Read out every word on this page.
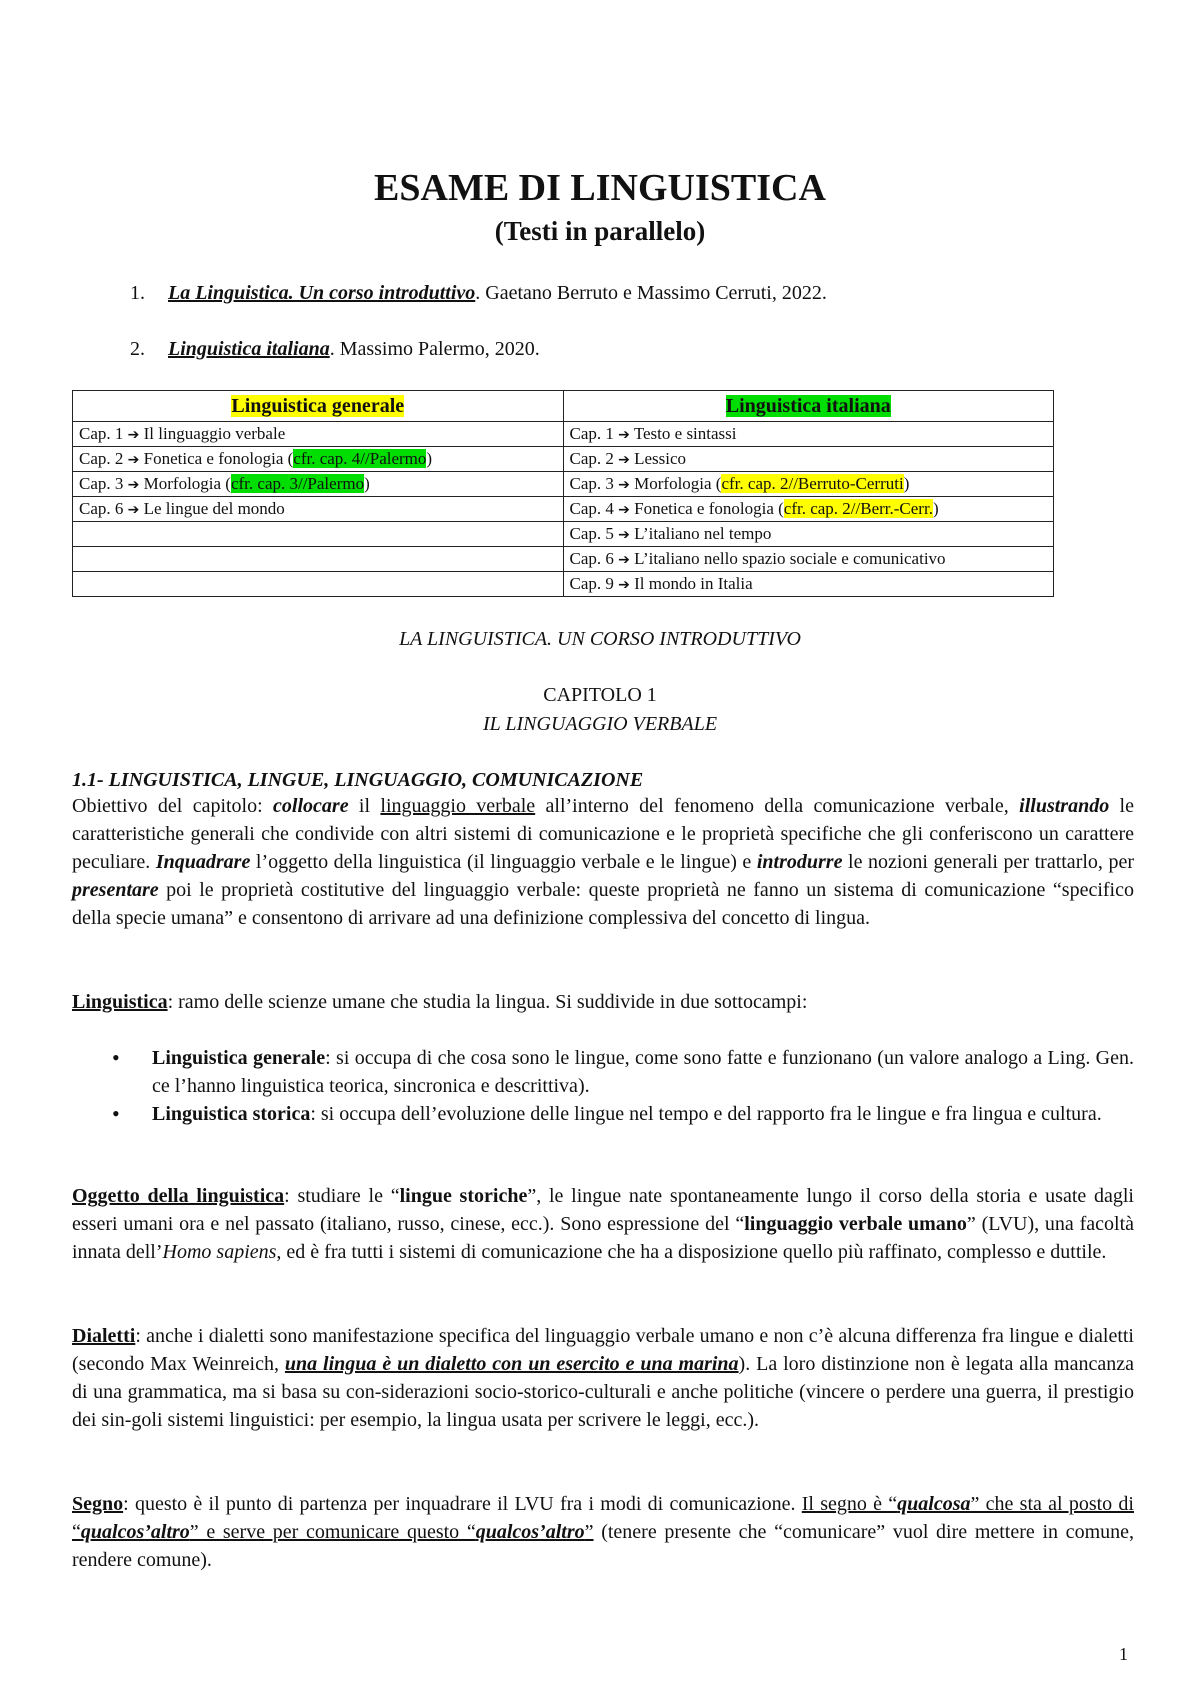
ESAME DI LINGUISTICA
(Testi in parallelo)
1. La Linguistica. Un corso introduttivo. Gaetano Berruto e Massimo Cerruti, 2022.
2. Linguistica italiana. Massimo Palermo, 2020.
Linguistica generale	Linguistica italiana
Cap. 1 ➔ Il linguaggio verbale	Cap. 1 ➔ Testo e sintassi
Cap. 2 ➔ Fonetica e fonologia (cfr. cap. 4//Palermo)	Cap. 2 ➔ Lessico
Cap. 3 ➔ Morfologia (cfr. cap. 3//Palermo)	Cap. 3 ➔ Morfologia (cfr. cap. 2//Berruto-Cerruti)
Cap. 6 ➔ Le lingue del mondo	Cap. 4 ➔ Fonetica e fonologia (cfr. cap. 2//Berr.-Cerr.)
	Cap. 5 ➔ L’italiano nel tempo
	Cap. 6 ➔ L’italiano nello spazio sociale e comunicativo
	Cap. 9 ➔ Il mondo in Italia
LA LINGUISTICA. UN CORSO INTRODUTTIVO
CAPITOLO 1
IL LINGUAGGIO VERBALE
1.1- LINGUISTICA, LINGUE, LINGUAGGIO, COMUNICAZIONE
Obiettivo del capitolo: collocare il linguaggio verbale all’interno del fenomeno della comunicazione verbale, illustrando le caratteristiche generali che condivide con altri sistemi di comunicazione e le proprietà specifiche che gli conferiscono un carattere peculiare. Inquadrare l’oggetto della linguistica (il linguaggio verbale e le lingue) e introdurre le nozioni generali per trattarlo, per presentare poi le proprietà costitutive del linguaggio verbale: queste proprietà ne fanno un sistema di comunicazione “specifico della specie umana” e consentono di arrivare ad una definizione complessiva del concetto di lingua.
Linguistica: ramo delle scienze umane che studia la lingua. Si suddivide in due sottocampi:
• Linguistica generale: si occupa di che cosa sono le lingue, come sono fatte e funzionano (un valore analogo a Ling. Gen. ce l’hanno linguistica teorica, sincronica e descrittiva).
• Linguistica storica: si occupa dell’evoluzione delle lingue nel tempo e del rapporto fra le lingue e fra lingua e cultura.
Oggetto della linguistica: studiare le “lingue storiche”, le lingue nate spontaneamente lungo il corso della storia e usate dagli esseri umani ora e nel passato (italiano, russo, cinese, ecc.). Sono espressione del “linguaggio verbale umano” (LVU), una facoltà innata dell’Homo sapiens, ed è fra tutti i sistemi di comunicazione che ha a disposizione quello più raffinato, complesso e duttile.
Dialetti: anche i dialetti sono manifestazione specifica del linguaggio verbale umano e non c’è alcuna differenza fra lingue e dialetti (secondo Max Weinreich, una lingua è un dialetto con un esercito e una marina). La loro distinzione non è legata alla mancanza di una grammatica, ma si basa su con-siderazioni socio-storico-culturali e anche politiche (vincere o perdere una guerra, il prestigio dei sin-goli sistemi linguistici: per esempio, la lingua usata per scrivere le leggi, ecc.).
Segno: questo è il punto di partenza per inquadrare il LVU fra i modi di comunicazione. Il segno è “qualcosa” che sta al posto di “qualcos’altro” e serve per comunicare questo “qualcos’altro” (tenere presente che “comunicare” vuol dire mettere in comune, rendere comune).
1
